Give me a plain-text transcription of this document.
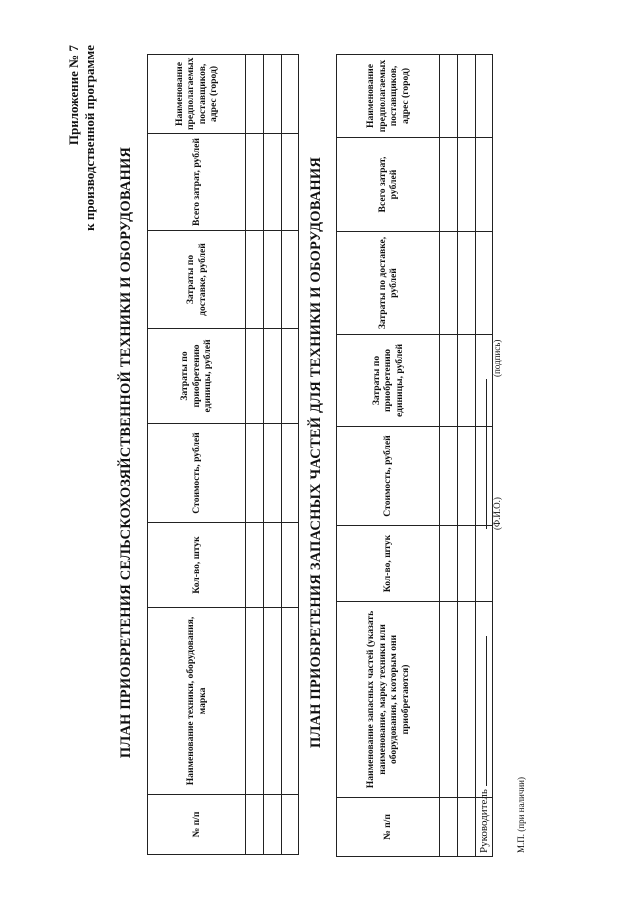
Приложение № 7 к производственной программе
ПЛАН ПРИОБРЕТЕНИЯ СЕЛЬСКОХОЗЯЙСТВЕННОЙ ТЕХНИКИ И ОБОРУДОВАНИЯ
№ п/п	Наименование техники, оборудования, марка	Кол-во, штук	Стоимость, рублей	Затраты по приобретению единицы, рублей	Затраты по доставке, рублей	Всего затрат, рублей	Наименование предполагаемых поставщиков, адрес (город)

ПЛАН ПРИОБРЕТЕНИЯ ЗАПАСНЫХ ЧАСТЕЙ ДЛЯ ТЕХНИКИ И ОБОРУДОВАНИЯ
№ п/п	Наименование запасных частей (указать наименование, марку техники или оборудования, к которым они приобретаются)	Кол-во, штук	Стоимость, рублей	Затраты по приобретению единицы, рублей	Затраты по доставке, рублей	Всего затрат, рублей	Наименование предполагаемых поставщиков, адрес (город)

Руководитель
(Ф.И.О.)
(подпись)
М.П. (при наличии)
